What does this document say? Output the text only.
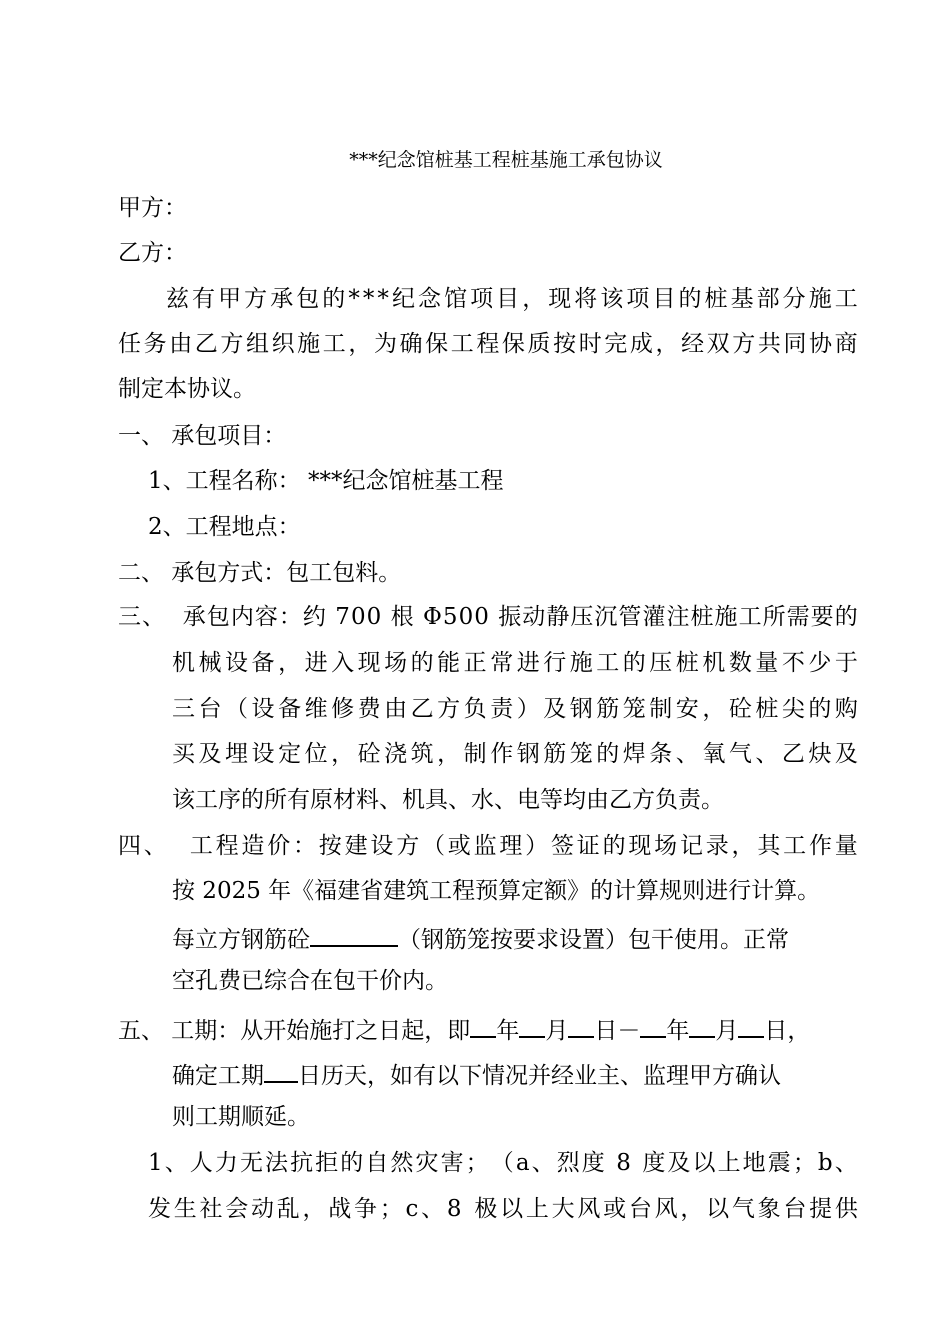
***纪念馆桩基工程桩基施工承包协议
甲方：
乙方：
兹 有 甲 方 承 包 的 * * * 纪 念 馆 项 目 ， 现 将 该 项 目 的 桩 基 部 分 施 工
任 务 由 乙 方 组 织 施 工 ， 为 确 保 工 程 保 质 按 时 完 成 ， 经 双 方 共 同 协 商
制定本协议。
一、 承包项目：
1、工程名称： ***纪念馆桩基工程
2、工程地点：
二、 承包方式：包工包料。
三 、

承 包 内 容 ： 约
7 0 0
根
Φ 5 0 0
振 动 静 压 沉 管 灌 注 桩 施 工 所 需 要 的
机 械 设 备 ， 进 入 现 场 的 能 正 常 进 行 施 工 的 压 桩 机 数 量 不 少 于
三 台 （ 设 备 维 修 费 由 乙 方 负 责 ） 及 钢 筋 笼 制 安 ， 砼 桩 尖 的 购
买 及 埋 设 定 位 ， 砼 浇 筑 ， 制 作 钢 筋 笼 的 焊 条 、 氧 气 、 乙 炔 及
该工序的所有原材料、机具、水、电等均由乙方负责。
四 、

工 程 造 价 ： 按 建 设 方 （ 或 监 理 ） 签 证 的 现 场 记 录 ， 其 工 作 量
按 2025 年《福建省建筑工程预算定额》的计算规则进行计算。
每立方钢筋砼	（钢筋笼按要求设置）包干使用。正常
空孔费已综合在包干价内。
五、 工期：从开始施打之日起，即 年 月 日－ 年 月 日，
确定工期 日历天，如有以下情况并经业主、监理甲方确认
则工期顺延。
1 、 人 力 无 法 抗 拒 的 自 然 灾 害 ； （ a 、 烈 度
8
度 及 以 上 地 震 ； b 、
发 生 社 会 动 乱 ， 战 争 ； c 、 8
极 以 上 大 风 或 台 风 ， 以 气 象 台 提 供
